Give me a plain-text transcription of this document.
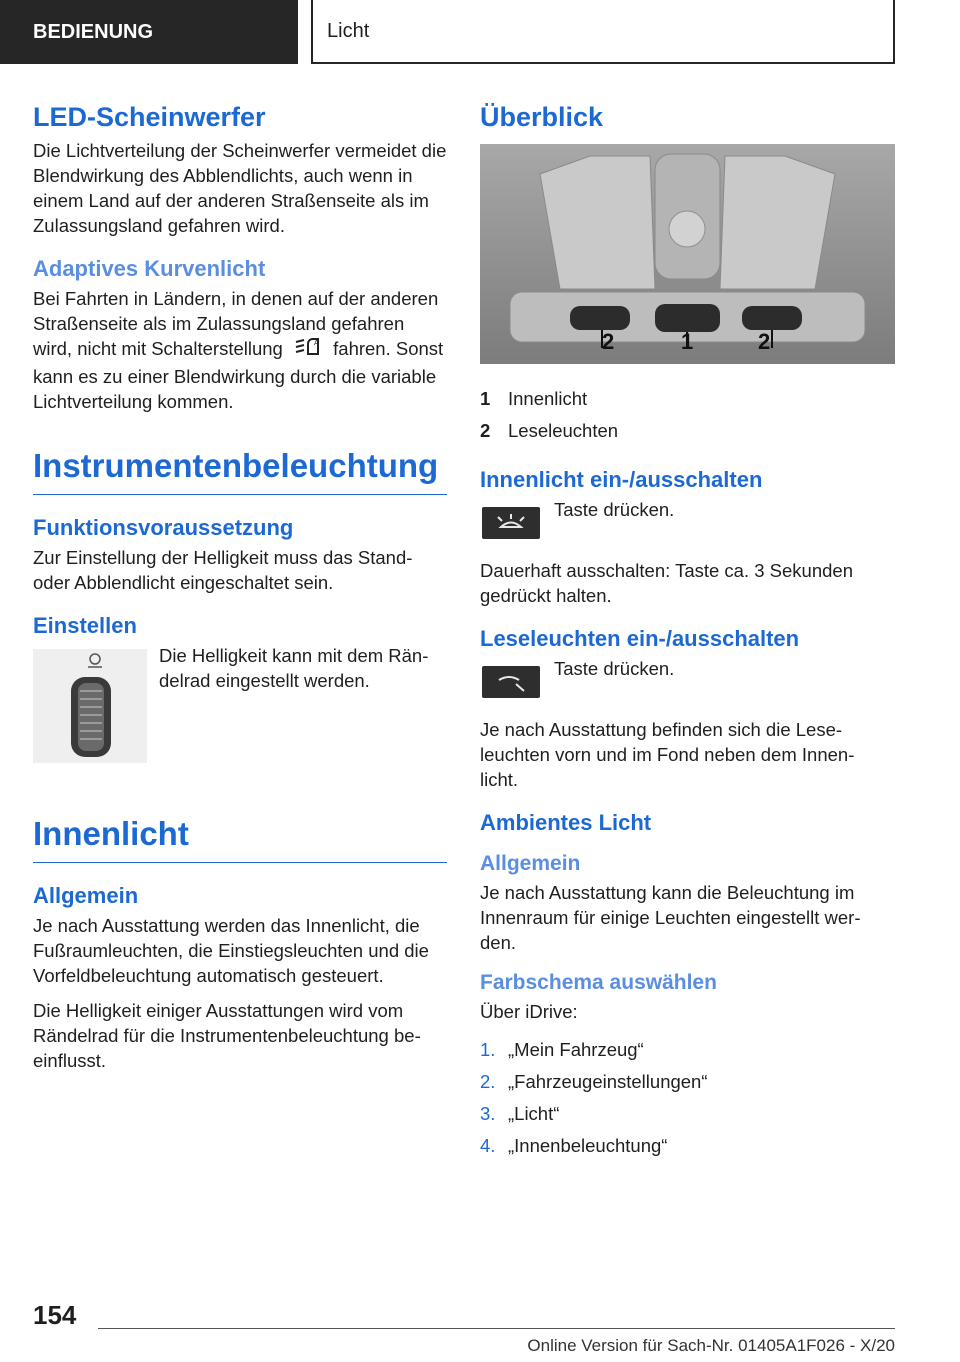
BEDIENUNG	Licht
LED-Scheinwerfer

Die Lichtverteilung der Scheinwerfer vermeidet die Blendwirkung des Abblendlichts, auch wenn in einem Land auf der anderen Straßenseite als im Zulassungsland gefahren wird.

Adaptives Kurvenlicht

Bei Fahrten in Ländern, in denen auf der anderen Straßenseite als im Zulassungsland gefahren wird, nicht mit Schalterstellung	A fahren. Sonst kann es zu einer Blendwirkung durch die variable Lichtverteilung kommen.

Instrumentenbeleuchtung
Funktionsvoraussetzung

Zur Einstellung der Helligkeit muss das Stand- oder Abblendlicht eingeschaltet sein.

Einstellen

Die Helligkeit kann mit dem Rän- delrad eingestellt werden.

Innenlicht
Allgemein

Je nach Ausstattung werden das Innenlicht, die Fußraumleuchten, die Einstiegsleuchten und die Vorfeldbeleuchtung automatisch gesteuert.

Die Helligkeit einiger Ausstattungen wird vom Rändelrad für die Instrumentenbeleuchtung be- einflusst.

Überblick
2	1	2
1 Innenlicht
2 Leseleuchten
Innenlicht ein-/ausschalten

Taste drücken.

Dauerhaft ausschalten: Taste ca. 3 Sekunden gedrückt halten.

Leseleuchten ein-/ausschalten

Taste drücken.

Je nach Ausstattung befinden sich die Lese- leuchten vorn und im Fond neben dem Innen- licht.

Ambientes Licht
Allgemein

Je nach Ausstattung kann die Beleuchtung im Innenraum für einige Leuchten eingestellt wer- den.

Farbschema auswählen

Über iDrive:

1. „Mein Fahrzeug“
2. „Fahrzeugeinstellungen“
3. „Licht“
4. „Innenbeleuchtung“
154
Online Version für Sach-Nr. 01405A1F026 - X/20
